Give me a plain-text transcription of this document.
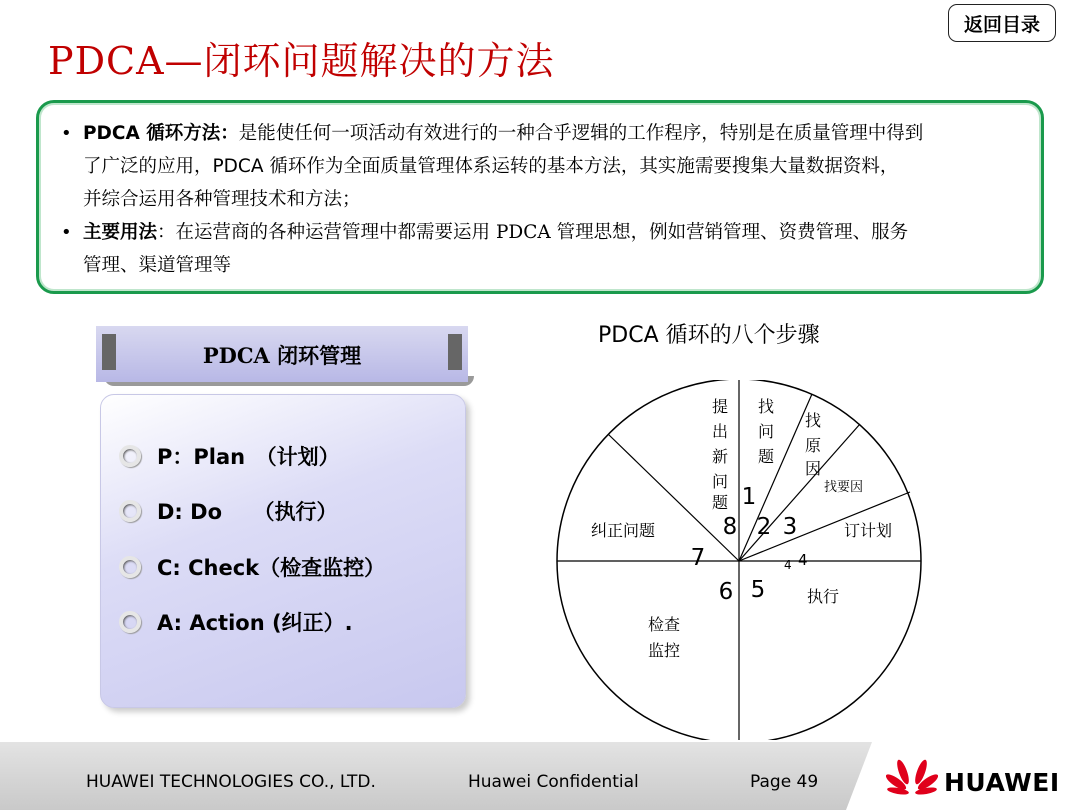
PDCA—闭环问题解决的方法
返回目录
• PDCA 循环方法：是能使任何一项活动有效进行的一种合乎逻辑的工作程序，特别是在质量管理中得到
了广泛的应用，PDCA 循环作为全面质量管理体系运转的基本方法，其实施需要搜集大量数据资料，
并综合运用各种管理技术和方法；
• 主要用法：在运营商的各种运营管理中都需要运用 PDCA 管理思想，例如营销管理、资费管理、服务
管理、渠道管理等
PDCA 闭环管理
P：Plan　（计划）
D: Do　　（执行）
C: Check（检查监控）
A: Action (纠正）.
PDCA 循环的八个步骤
提
出
新
问
题
找
问
题
找
原
因
找要因
订计划
执行
纠正问题
检查
监控
1
2 3
8
7
6 5
4 4
HUAWEI TECHNOLOGIES CO., LTD.	Huawei Confidential	Page 49	HUAWEI
